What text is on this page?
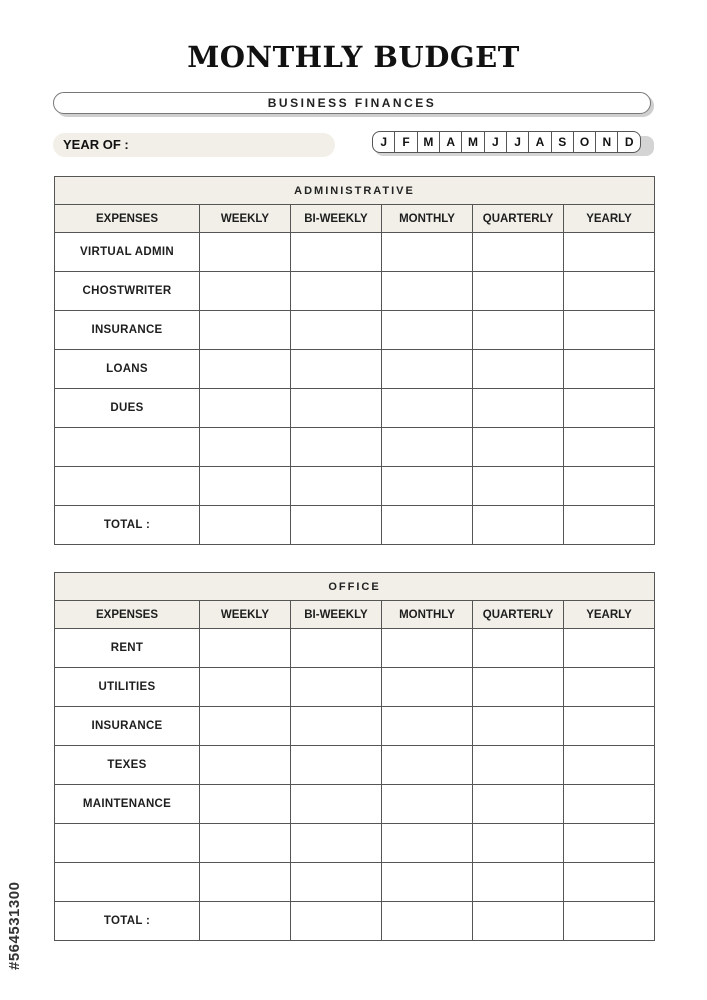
MONTHLY BUDGET
BUSINESS FINANCES
YEAR OF :	J	F	M	A	M	J	J	A	S	O	N	D
ADMINISTRATIVE					
EXPENSES	WEEKLY	BI-WEEKLY	MONTHLY	QUARTERLY	YEARLY
VIRTUAL ADMIN					
CHOSTWRITER					
INSURANCE					
LOANS					
DUES					

TOTAL :					
OFFICE					
EXPENSES	WEEKLY	BI-WEEKLY	MONTHLY	QUARTERLY	YEARLY
RENT					
UTILITIES					
INSURANCE					
TEXES					
MAINTENANCE					

TOTAL :					
#564531300
